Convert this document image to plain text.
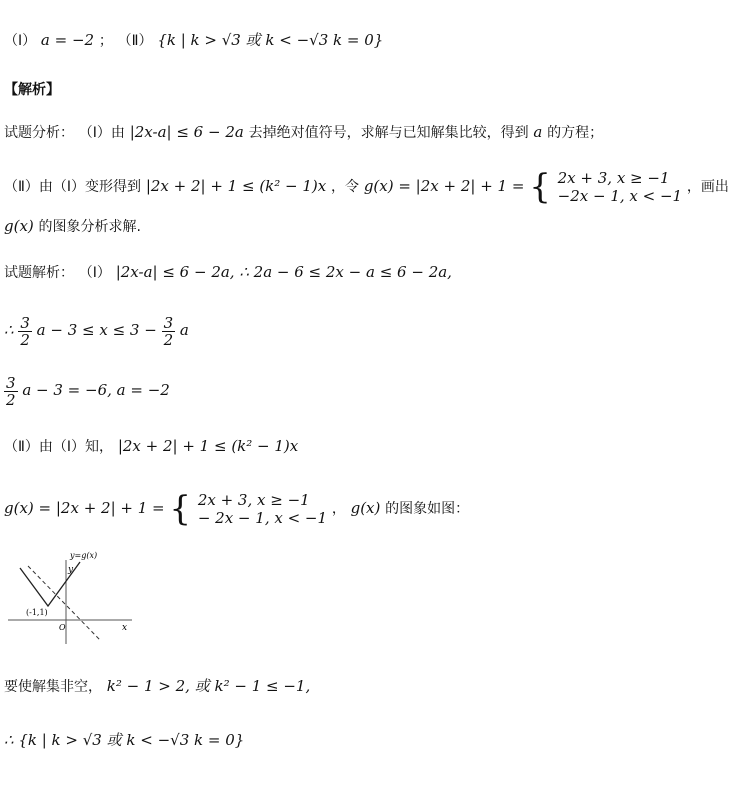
（Ⅰ） a = −2 ； （Ⅱ） {k | k > √3 或 k < −√3 k = 0}
【解析】
试题分析： （Ⅰ）由 |2x-a| ≤ 6 − 2a 去掉绝对值符号，求解与已知解集比较，得到 a 的方程；
（Ⅱ）由（Ⅰ）变形得到 |2x + 2| + 1 ≤ (k² − 1)x ，令 g(x) = |2x + 2| + 1 = { 2x + 3, x ≥ −1
−2x − 1, x < −1 ，画出
g(x) 的图象分析求解.
试题解析： （Ⅰ） |2x-a| ≤ 6 − 2a, ∴ 2a − 6 ≤ 2x − a ≤ 6 − 2a,
∴ $\frac{3}{2}$ $a - 3 \le x \le 3 - \frac{3}{2}$ a
$\frac{3}{2}$ a − 3 = −6, a = −2
（Ⅱ）由（Ⅰ）知， |2x + 2| + 1 ≤ (k² − 1)x
g(x) = |2x + 2| + 1 = { 2x + 3, x ≥ −1
− 2x − 1, x < −1 ， g(x) 的图象如图：
y=g(x)
y
x
O
(-1,1)
要使解集非空， k² − 1 > 2, 或 k² − 1 ≤ −1,
∴ {k | k > √3 或 k < −√3 k = 0}
